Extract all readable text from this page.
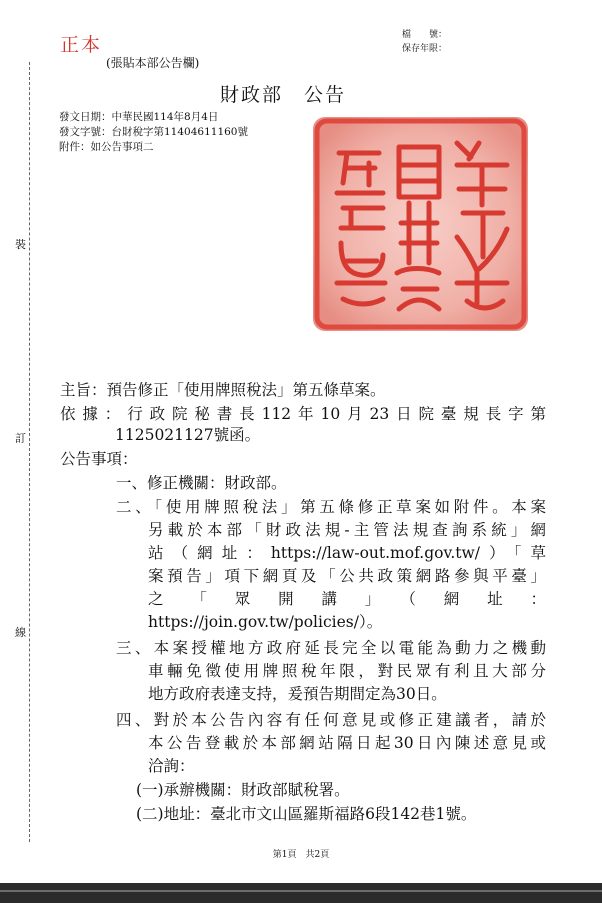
正本
(張貼本部公告欄)
檔　　號：
保存年限：
財政部　公告
發文日期：中華民國114年8月4日
發文字號：台財稅字第11404611160號
附件：如公告事項二
裝
訂
線
主旨：預告修正「使用牌照稅法」第五條草案。
依據：行政院秘書長112年10月23日院臺規長字第
1125021127號函。
公告事項：
一、修正機關：財政部。
二、「使用牌照稅法」第五條修正草案如附件。本案
另載於本部「財政法規-主管法規查詢系統」網
站（網址：https://law-out.mof.gov.tw/）「草
案預告」項下網頁及「公共政策網路參與平臺」
之「眾開講」（網址：
https://join.gov.tw/policies/）。
三、本案授權地方政府延長完全以電能為動力之機動
車輛免徵使用牌照稅年限，對民眾有利且大部分
地方政府表達支持，爰預告期間定為30日。
四、對於本公告內容有任何意見或修正建議者，請於
本公告登載於本部網站隔日起30日內陳述意見或
洽詢：
(一)承辦機關：財政部賦稅署。
(二)地址：臺北市文山區羅斯福路6段142巷1號。
第1頁　共2頁
